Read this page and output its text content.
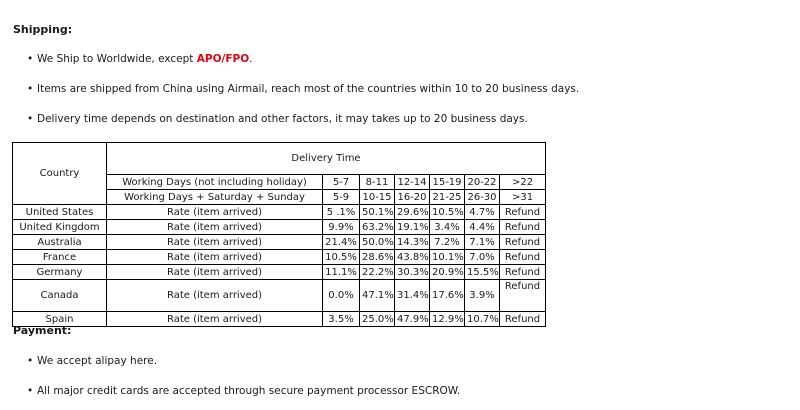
Shipping:

• We Ship to Worldwide, except APO/FPO.

• Items are shipped from China using Airmail, reach most of the countries within 10 to 20 business days.

• Delivery time depends on destination and other factors, it may takes up to 20 business days.

Country	Delivery Time						
	Working Days (not including holiday)	5-7	8-11	12-14	15-19	20-22	>22
	Working Days + Saturday + Sunday	5-9	10-15	16-20	21-25	26-30	>31
United States	Rate (item arrived)	5 .1%	50.1%	29.6%	10.5%	4.7%	Refund
United Kingdom	Rate (item arrived)	9.9%	63.2%	19.1%	3.4%	4.4%	Refund
Australia	Rate (item arrived)	21.4%	50.0%	14.3%	7.2%	7.1%	Refund
France	Rate (item arrived)	10.5%	28.6%	43.8%	10.1%	7.0%	Refund
Germany	Rate (item arrived)	11.1%	22.2%	30.3%	20.9%	15.5%	Refund
Canada	Rate (item arrived)	0.0%	47.1%	31.4%	17.6%	3.9%	Refund
Spain	Rate (item arrived)	3.5%	25.0%	47.9%	12.9%	10.7%	Refund

Payment:

• We accept alipay here.

• All major credit cards are accepted through secure payment processor ESCROW.
